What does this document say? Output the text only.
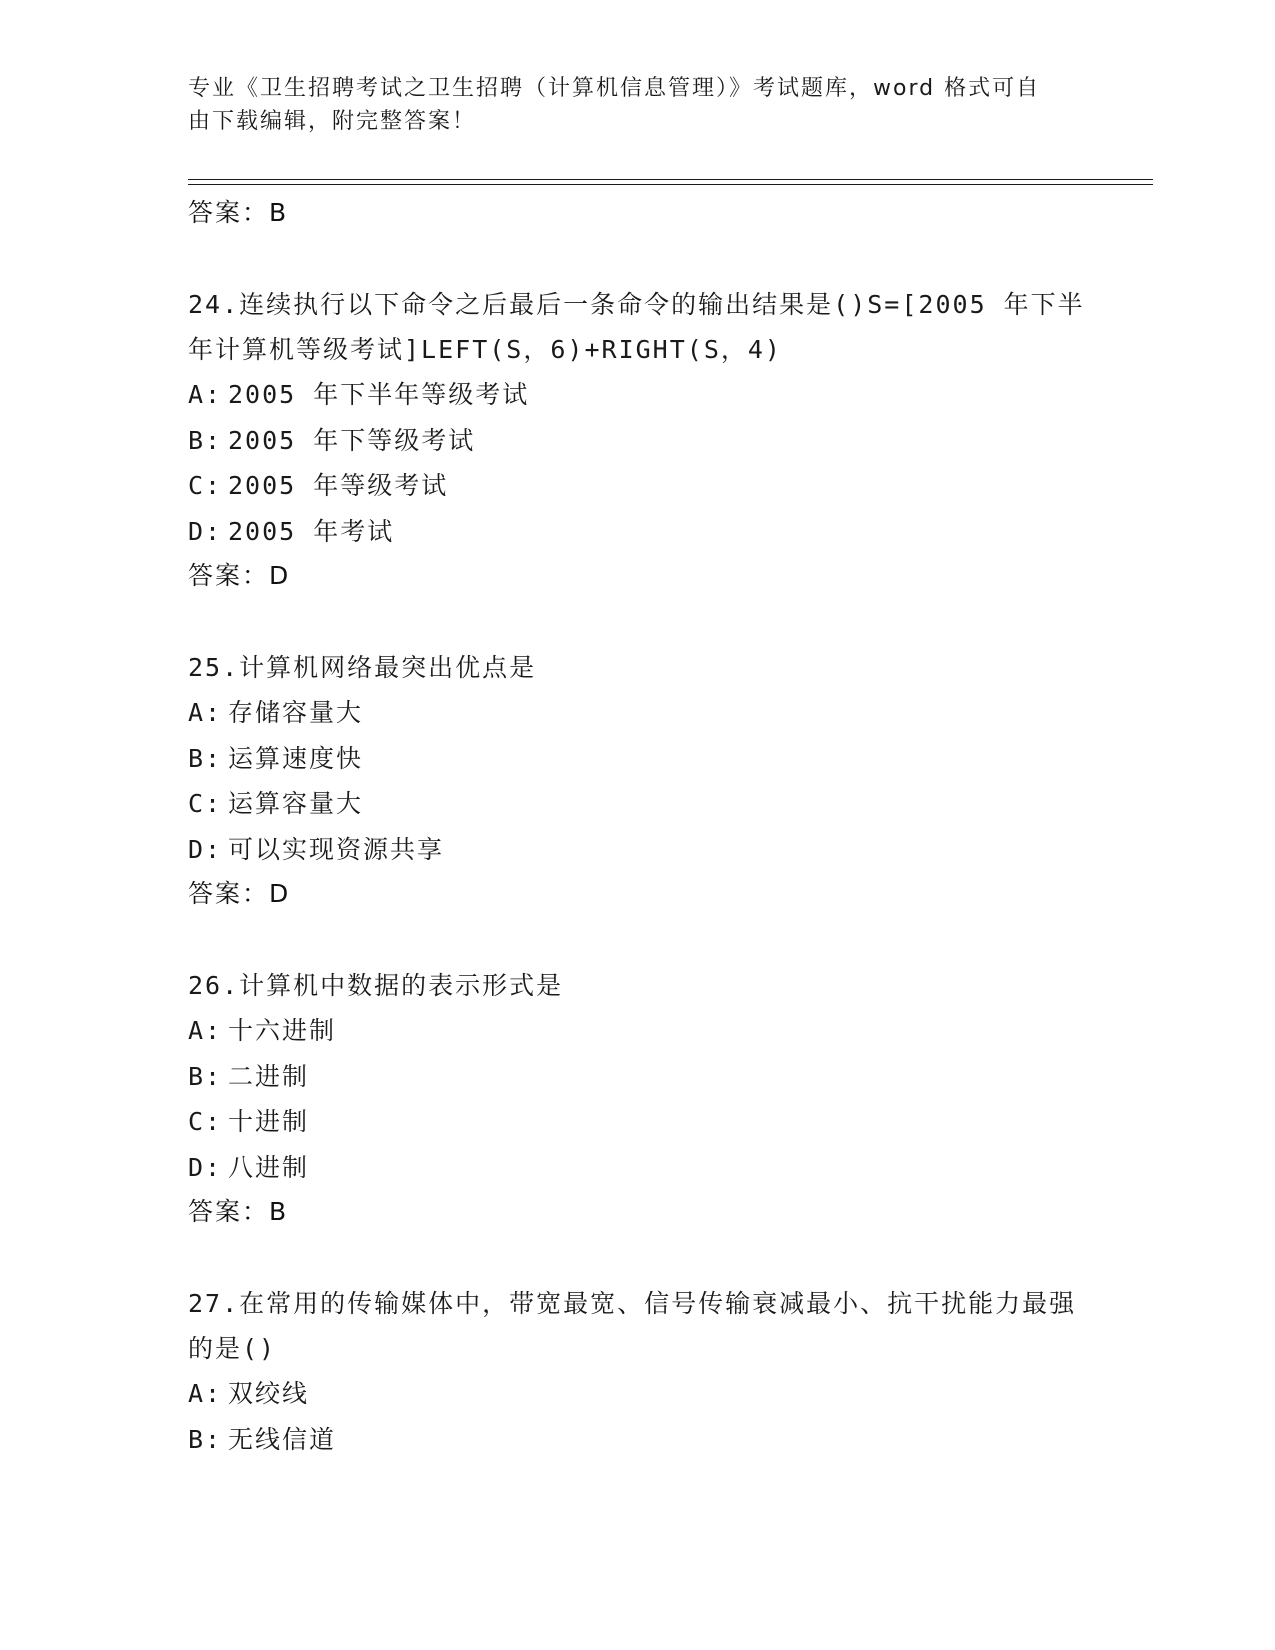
专业《卫生招聘考试之卫生招聘（计算机信息管理）》考试题库，word 格式可自
由下载编辑，附完整答案！
答案：B

24.连续执行以下命令之后最后一条命令的输出结果是()S=[2005 年下半年计算机等级考试]LEFT(S，6)+RIGHT(S，4)

A: 2005 年下半年等级考试
B: 2005 年下等级考试
C: 2005 年等级考试
D: 2005 年考试
答案：D

25.计算机网络最突出优点是

A: 存储容量大
B: 运算速度快
C: 运算容量大
D: 可以实现资源共享
答案：D

26.计算机中数据的表示形式是

A: 十六进制
B: 二进制
C: 十进制
D: 八进制
答案：B

27.在常用的传输媒体中，带宽最宽、信号传输衰减最小、抗干扰能力最强的是()

A: 双绞线
B: 无线信道
